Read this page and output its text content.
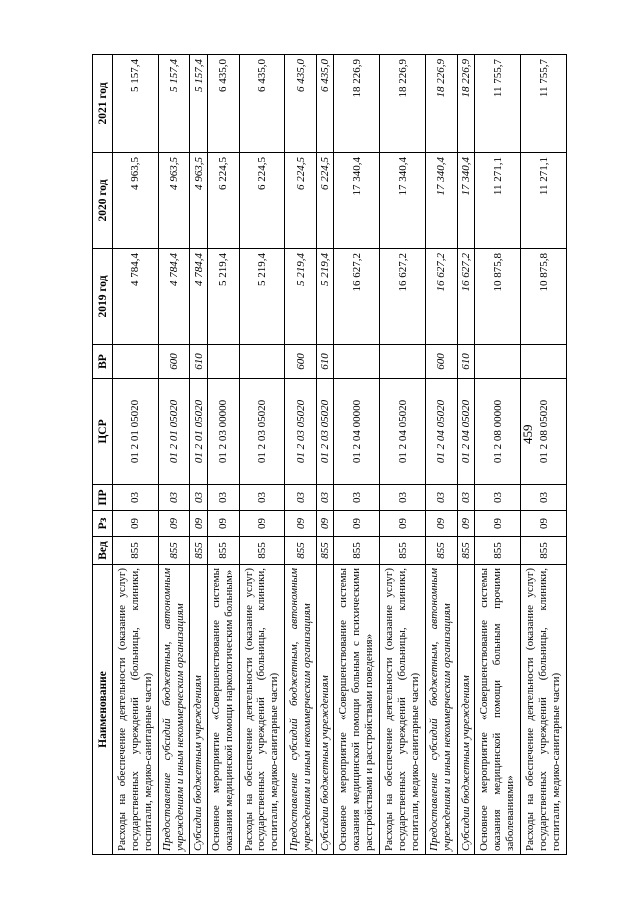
459
Наименование	Вед	Рз	ПР	ЦСР	ВР	2019 год	2020 год	2021 год
Расходы на обеспечение деятельности (оказание услуг) государственных учреждений (больницы, клиники, госпитали, медико-санитарные части)	855	09	03	01 2 01 05020		4 784,4	4 963,5	5 157,4
Предоставление субсидий бюджетным, автономным учреждениям и иным некоммерческим организациям	855	09	03	01 2 01 05020	600	4 784,4	4 963,5	5 157,4
Субсидии бюджетным учреждениям	855	09	03	01 2 01 05020	610	4 784,4	4 963,5	5 157,4
Основное мероприятие «Совершенствование системы оказания медицинской помощи наркологическим больным»	855	09	03	01 2 03 00000		5 219,4	6 224,5	6 435,0
Расходы на обеспечение деятельности (оказание услуг) государственных учреждений (больницы, клиники, госпитали, медико-санитарные части)	855	09	03	01 2 03 05020		5 219,4	6 224,5	6 435,0
Предоставление субсидий бюджетным, автономным учреждениям и иным некоммерческим организациям	855	09	03	01 2 03 05020	600	5 219,4	6 224,5	6 435,0
Субсидии бюджетным учреждениям	855	09	03	01 2 03 05020	610	5 219,4	6 224,5	6 435,0
Основное мероприятие «Совершенствование системы оказания медицинской помощи больным с психическими расстройствами и расстройствами поведения»	855	09	03	01 2 04 00000		16 627,2	17 340,4	18 226,9
Расходы на обеспечение деятельности (оказание услуг) государственных учреждений (больницы, клиники, госпитали, медико-санитарные части)	855	09	03	01 2 04 05020		16 627,2	17 340,4	18 226,9
Предоставление субсидий бюджетным, автономным учреждениям и иным некоммерческим организациям	855	09	03	01 2 04 05020	600	16 627,2	17 340,4	18 226,9
Субсидии бюджетным учреждениям	855	09	03	01 2 04 05020	610	16 627,2	17 340,4	18 226,9
Основное мероприятие «Совершенствование системы оказания медицинской помощи больным прочими заболеваниями»	855	09	03	01 2 08 00000		10 875,8	11 271,1	11 755,7
Расходы на обеспечение деятельности (оказание услуг) государственных учреждений (больницы, клиники, госпитали, медико-санитарные части)	855	09	03	01 2 08 05020		10 875,8	11 271,1	11 755,7
